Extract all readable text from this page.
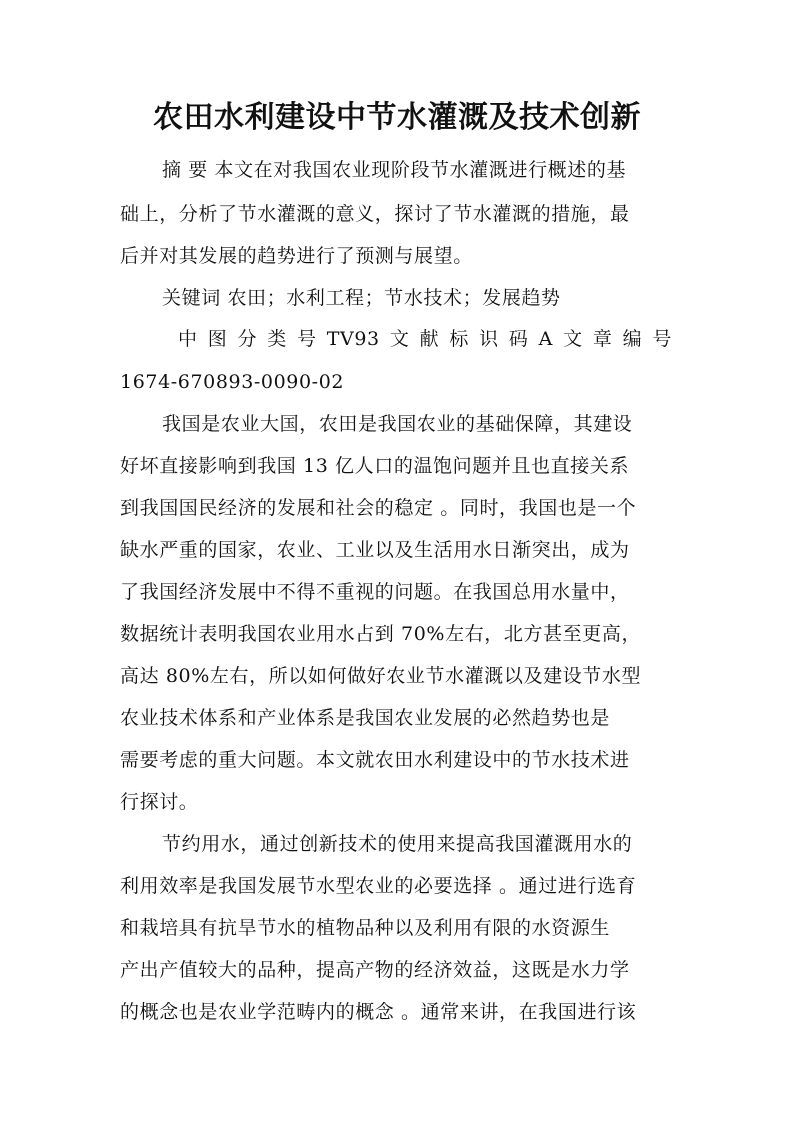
农田水利建设中节水灌溉及技术创新
摘 要 本文在对我国农业现阶段节水灌溉进行概述的基
础上，分析了节水灌溉的意义，探讨了节水灌溉的措施，最
后并对其发展的趋势进行了预测与展望。
关键词 农田；水利工程；节水技术；发展趋势
中 图 分 类 号 TV93 文 献 标 识 码 A 文 章 编 号
1674-670893-0090-02
我国是农业大国，农田是我国农业的基础保障，其建设
好坏直接影响到我国 13 亿人口的温饱问题并且也直接关系
到我国国民经济的发展和社会的稳定 。同时，我国也是一个
缺水严重的国家，农业、工业以及生活用水日渐突出，成为
了我国经济发展中不得不重视的问题。在我国总用水量中，
数据统计表明我国农业用水占到 70%左右，北方甚至更高，
高达 80%左右，所以如何做好农业节水灌溉以及建设节水型
农业技术体系和产业体系是我国农业发展的必然趋势也是
需要考虑的重大问题。本文就农田水利建设中的节水技术进
行探讨。
节约用水，通过创新技术的使用来提高我国灌溉用水的
利用效率是我国发展节水型农业的必要选择 。通过进行选育
和栽培具有抗旱节水的植物品种以及利用有限的水资源生
产出产值较大的品种，提高产物的经济效益，这既是水力学
的概念也是农业学范畴内的概念 。通常来讲，在我国进行该
